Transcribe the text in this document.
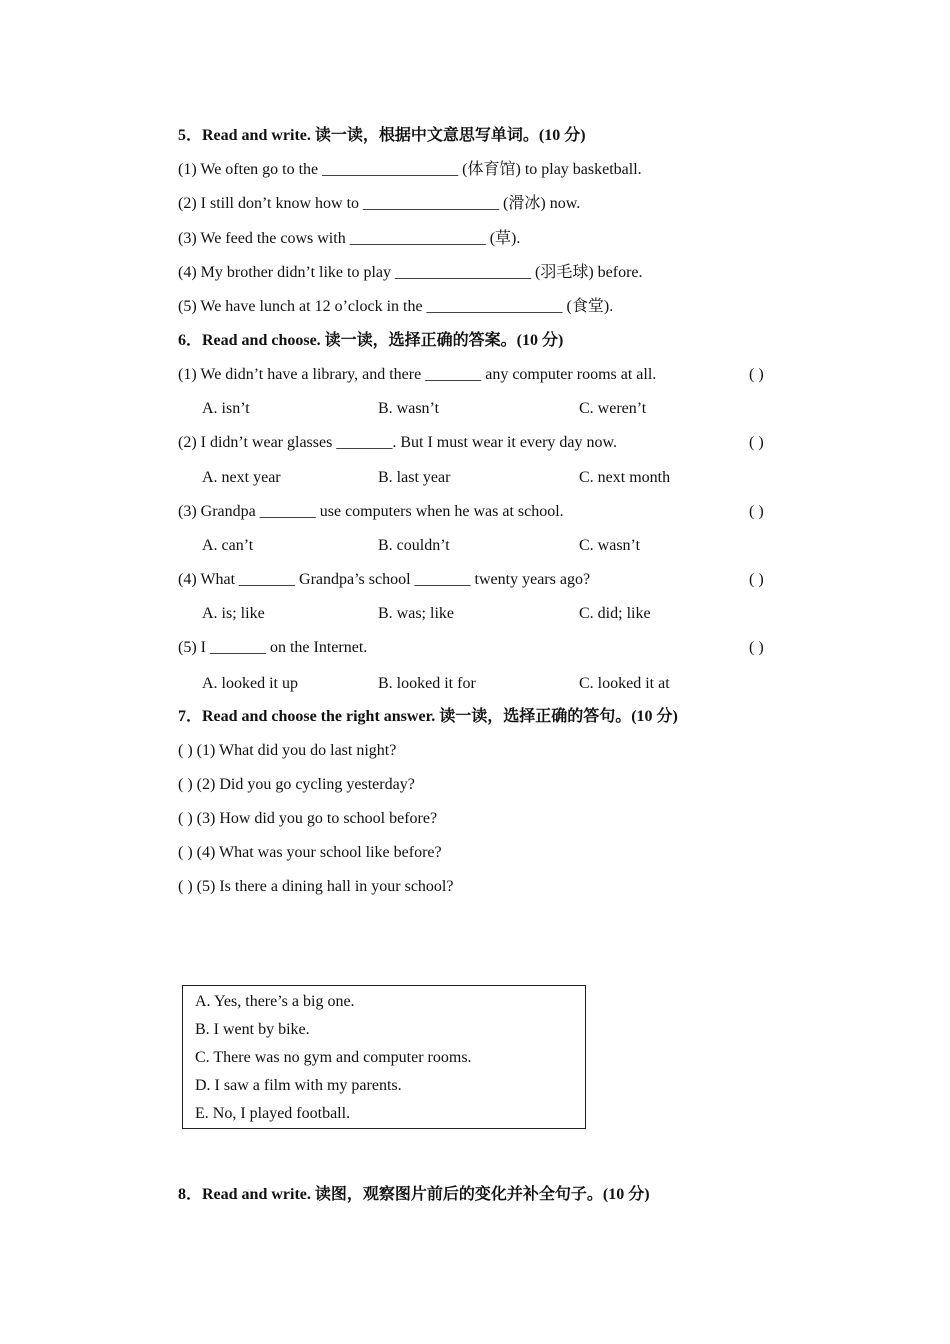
5．Read and write. 读一读，根据中文意思写单词。(10 分)
(1) We often go to the _________________ (体育馆) to play basketball.
(2) I still don’t know how to _________________ (滑冰) now.
(3) We feed the cows with _________________ (草).
(4) My brother didn’t like to play _________________ (羽毛球) before.
(5) We have lunch at 12 o’clock in the _________________ (食堂).
6．Read and choose. 读一读，选择正确的答案。(10 分)
(1) We didn’t have a library, and there _______ any computer rooms at all.	( )
A. isn’t	B. wasn’t	C. weren’t
(2) I didn’t wear glasses _______. But I must wear it every day now.	( )
A. next year	B. last year	C. next month
(3) Grandpa _______ use computers when he was at school.	( )
A. can’t	B. couldn’t	C. wasn’t
(4) What _______ Grandpa’s school _______ twenty years ago?	( )
A. is; like	B. was; like	C. did; like
(5) I _______ on the Internet.	( )
A. looked it up	B. looked it for	C. looked it at
7．Read and choose the right answer. 读一读，选择正确的答句。(10 分)
( ) (1) What did you do last night?
( ) (2) Did you go cycling yesterday?
( ) (3) How did you go to school before?
( ) (4) What was your school like before?
( ) (5) Is there a dining hall in your school?
A. Yes, there’s a big one.
B. I went by bike.
C. There was no gym and computer rooms.
D. I saw a film with my parents.
E. No, I played football.
8．Read and write. 读图，观察图片前后的变化并补全句子。(10 分)
